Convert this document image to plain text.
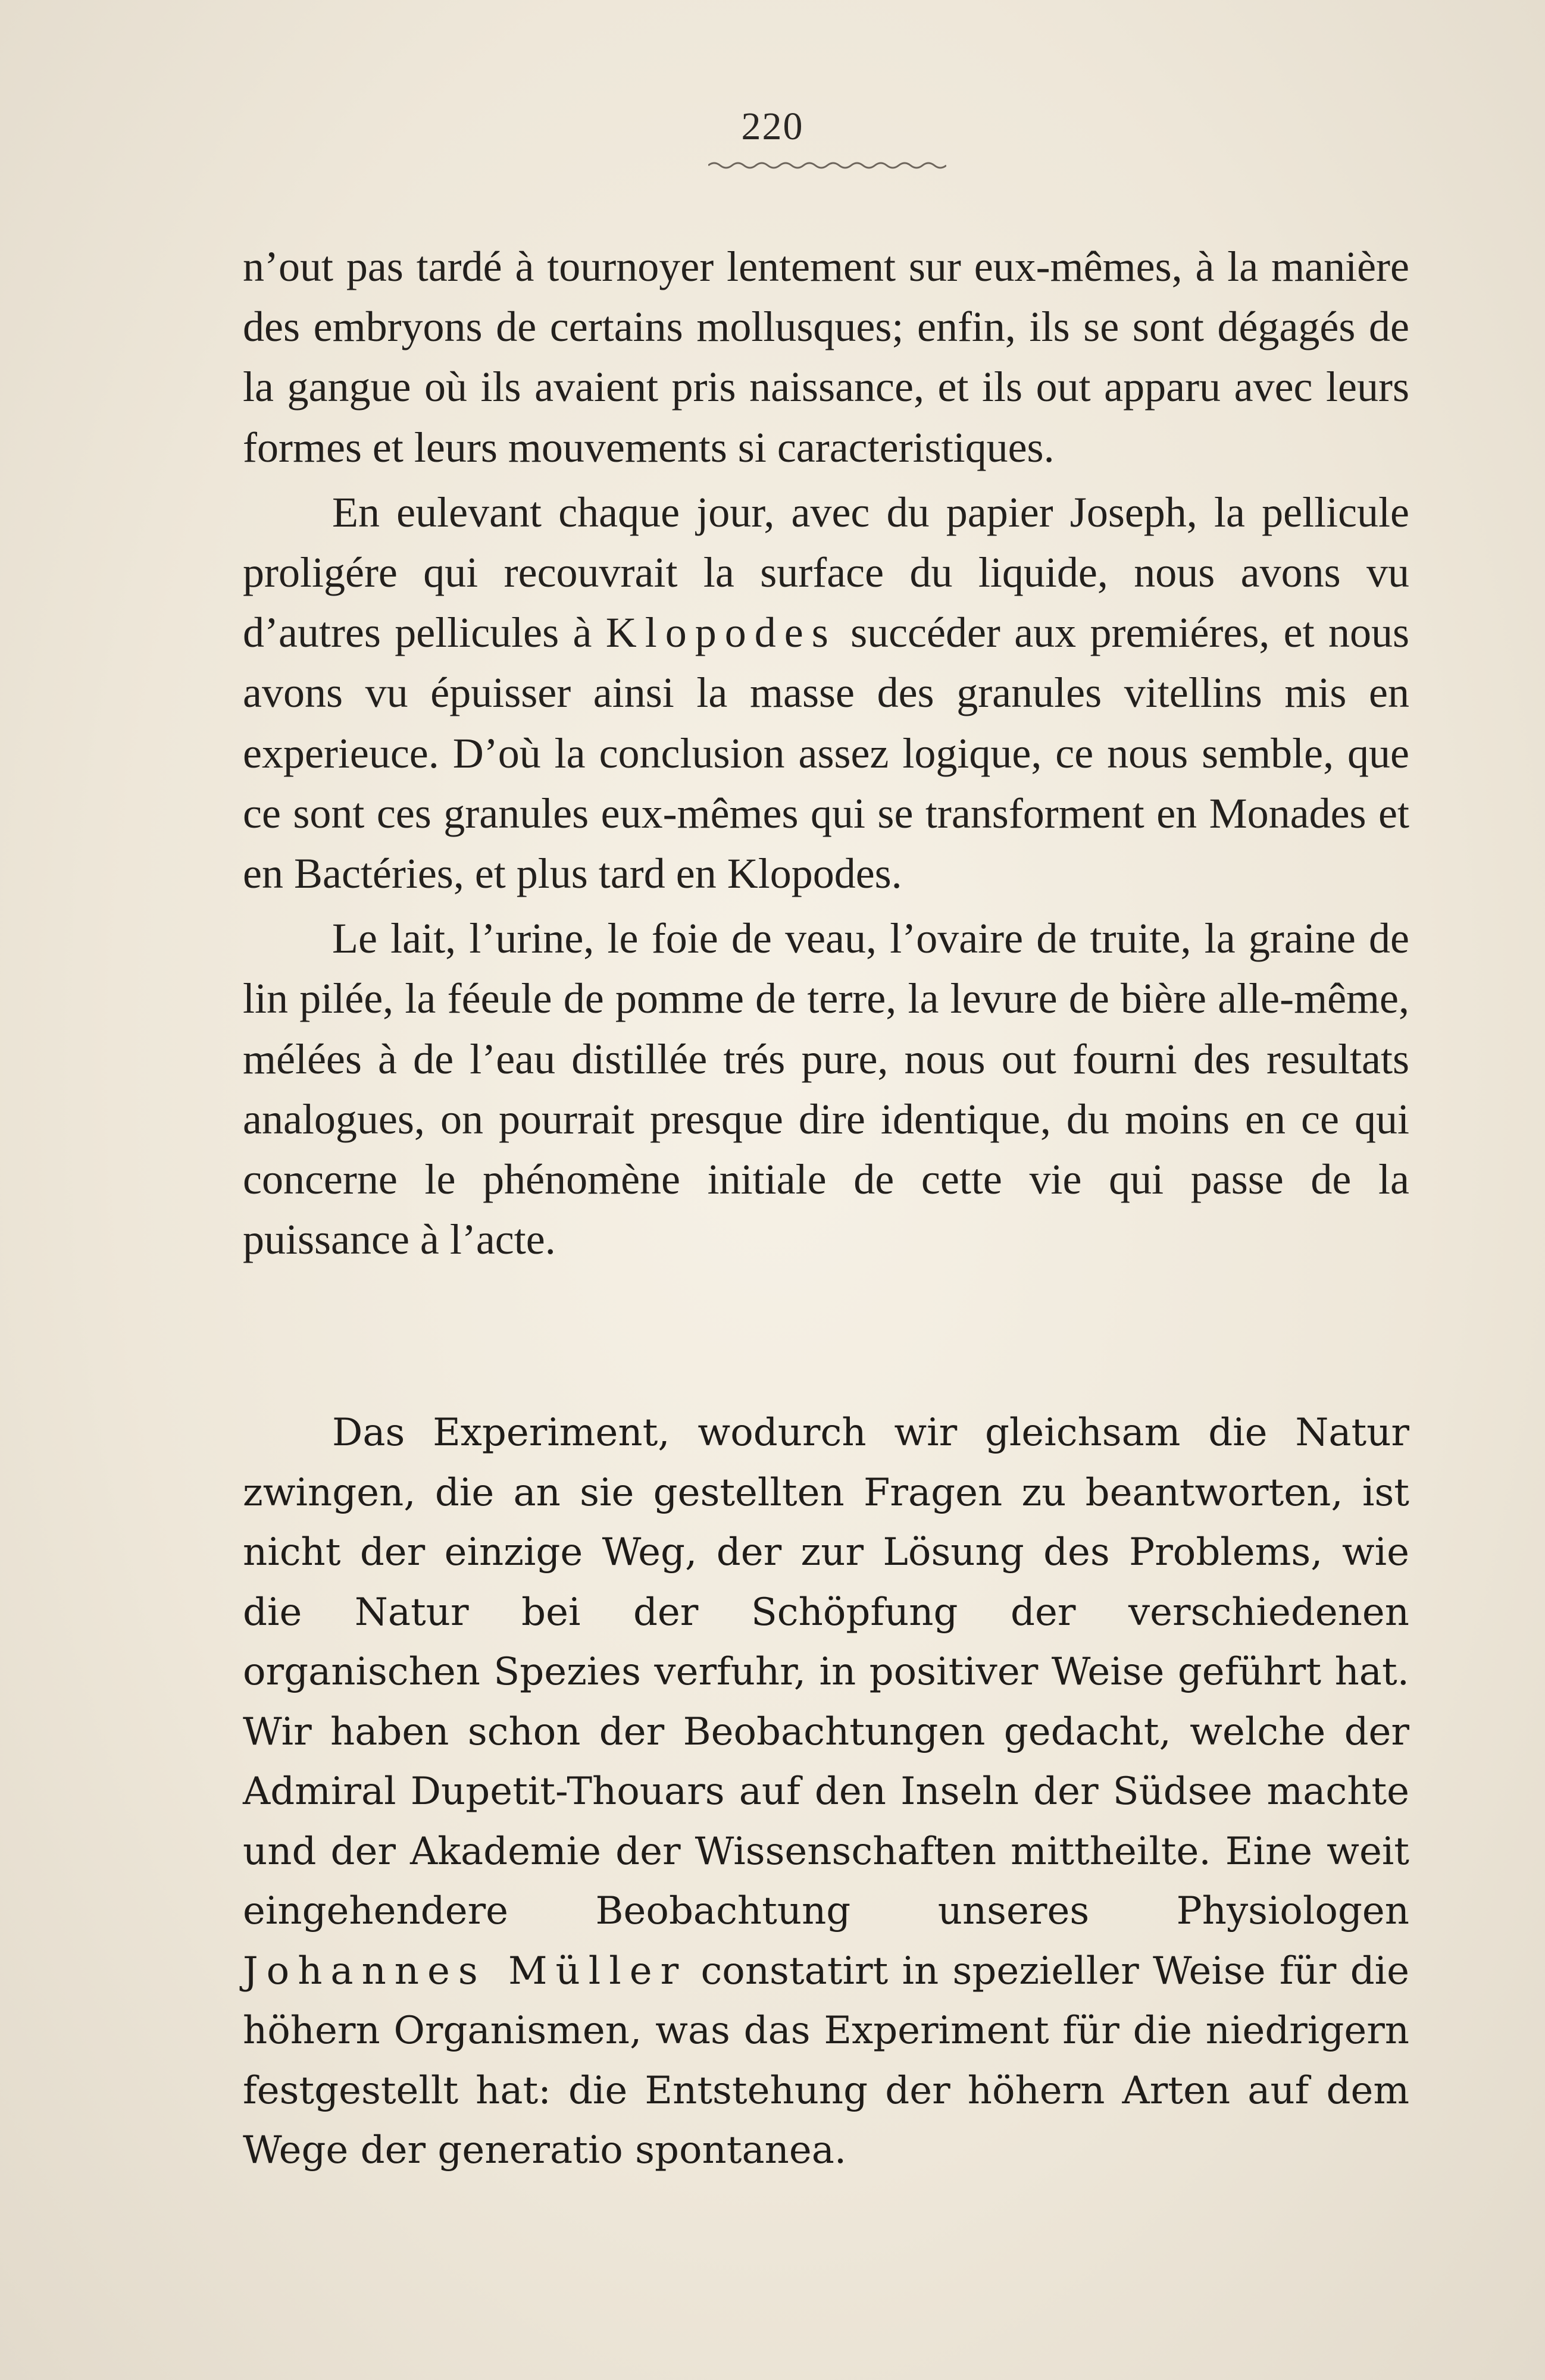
220

n’out pas tardé à tournoyer lentement sur eux-mêmes, à la manière des embryons de certains mollusques; enfin, ils se sont dégagés de la gangue où ils avaient pris naissance, et ils out apparu avec leurs formes et leurs mouvements si caracteristiques.

En eulevant chaque jour, avec du papier Joseph, la pellicule proligére qui recouvrait la surface du liquide, nous avons vu d’autres pellicules à Klopodes succéder aux premiéres, et nous avons vu épuisser ainsi la masse des granules vitellins mis en experieuce. D’où la conclusion assez logique, ce nous semble, que ce sont ces granules eux-mêmes qui se transforment en Monades et en Bactéries, et plus tard en Klopodes.

Le lait, l’urine, le foie de veau, l’ovaire de truite, la graine de lin pilée, la féeule de pomme de terre, la levure de bière alle-même, mélées à de l’eau distillée trés pure, nous out fourni des resultats analogues, on pourrait presque dire identique, du moins en ce qui concerne le phénomène initiale de cette vie qui passe de la puissance à l’acte.

Das Experiment, wodurch wir gleichsam die Natur zwingen, die an sie gestellten Fragen zu beantworten, ist nicht der einzige Weg, der zur Lösung des Problems, wie die Natur bei der Schöpfung der verschiedenen organischen Spezies verfuhr, in positiver Weise geführt hat. Wir haben schon der Beobachtungen gedacht, welche der Admiral Dupetit-Thouars auf den Inseln der Südsee machte und der Akademie der Wissenschaften mittheilte. Eine weit eingehendere Beobachtung unseres Physiologen Johannes Müller constatirt in spezieller Weise für die höhern Organismen, was das Experiment für die niedrigern festgestellt hat: die Entstehung der höhern Arten auf dem Wege der generatio spontanea.
